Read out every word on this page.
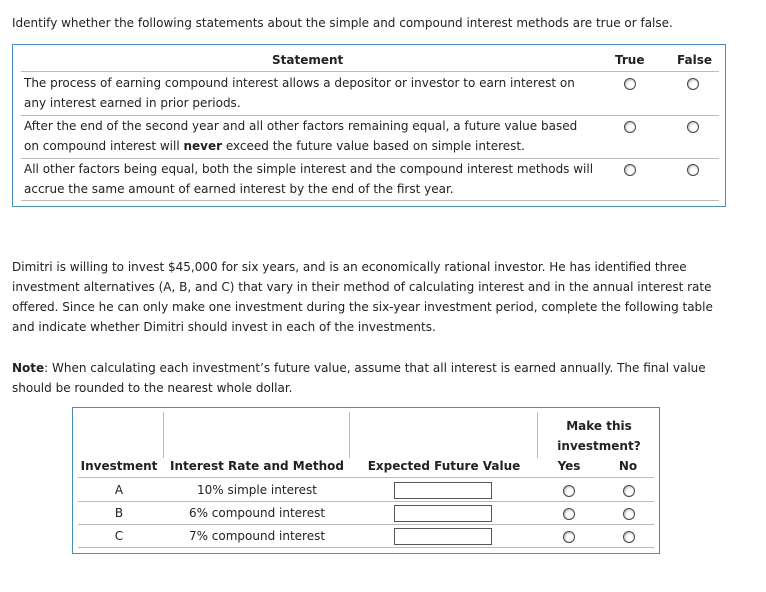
Identify whether the following statements about the simple and compound interest methods are true or false.
Statement	True	False
The process of earning compound interest allows a depositor or investor to earn interest on
any interest earned in prior periods.
After the end of the second year and all other factors remaining equal, a future value based
on compound interest will never exceed the future value based on simple interest.
All other factors being equal, both the simple interest and the compound interest methods will
accrue the same amount of earned interest by the end of the first year.
Dimitri is willing to invest $45,000 for six years, and is an economically rational investor. He has identified three
investment alternatives (A, B, and C) that vary in their method of calculating interest and in the annual interest rate
offered. Since he can only make one investment during the six-year investment period, complete the following table
and indicate whether Dimitri should invest in each of the investments.
Note: When calculating each investment’s future value, assume that all interest is earned annually. The final value
should be rounded to the nearest whole dollar.
Make this
investment?
Investment	Interest Rate and Method	Expected Future Value	Yes	No
A	10% simple interest
B	6% compound interest
C	7% compound interest
